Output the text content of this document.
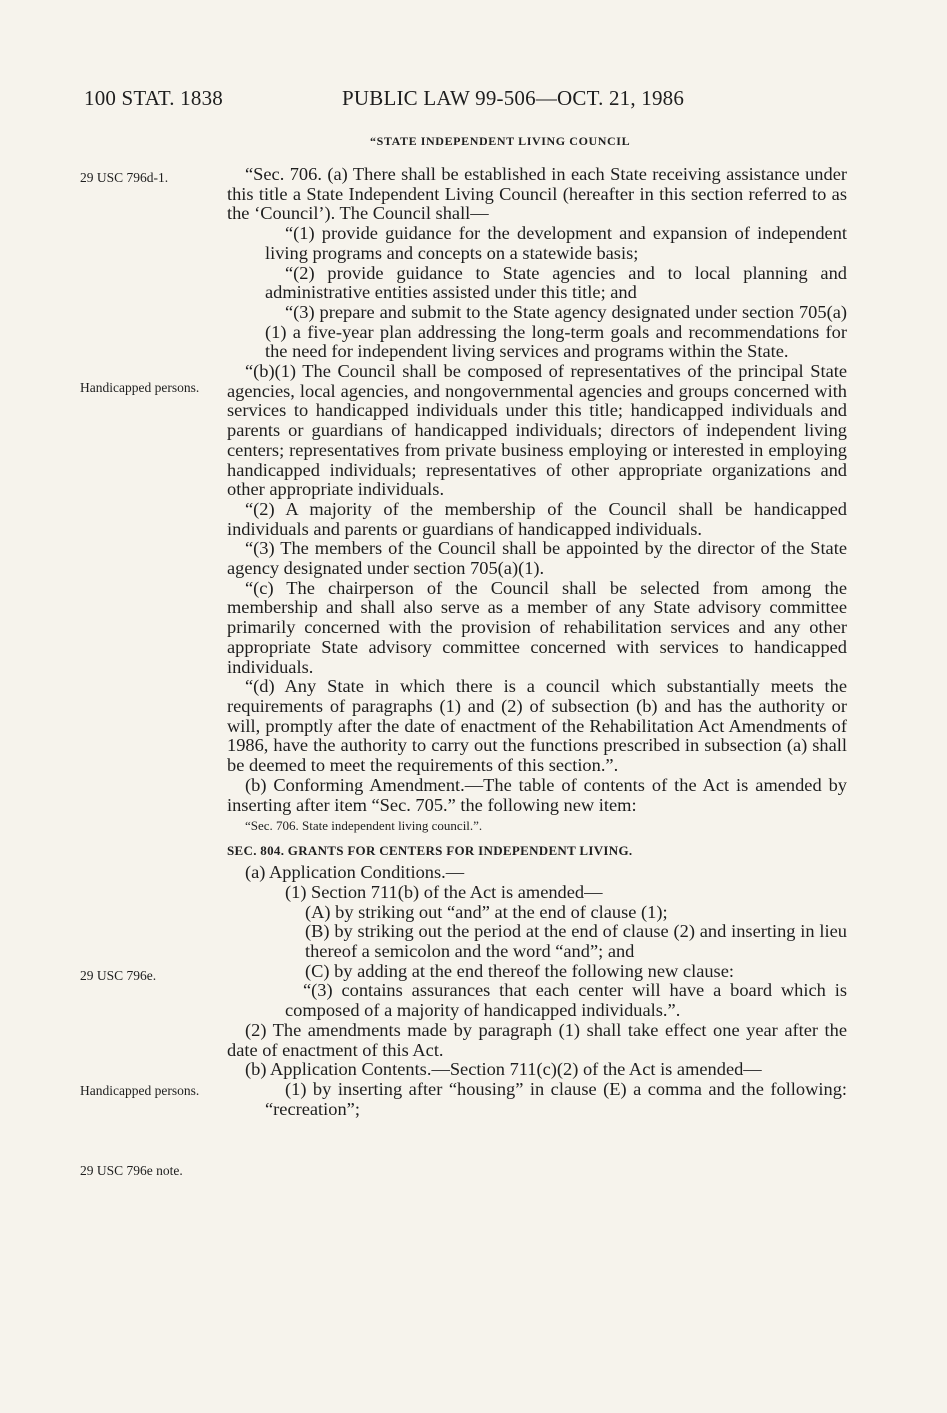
100 STAT. 1838	PUBLIC LAW 99-506—OCT. 21, 1986
“STATE INDEPENDENT LIVING COUNCIL
29 USC 796d-1.
Handicapped persons.
29 USC 796e.
Handicapped persons.
29 USC 796e note.

“Sec. 706. (a) There shall be established in each State receiving assistance under this title a State Independent Living Council (hereafter in this section referred to as the ‘Council’). The Council shall—

“(1) provide guidance for the development and expansion of independent living programs and concepts on a statewide basis;

“(2) provide guidance to State agencies and to local planning and administrative entities assisted under this title; and

“(3) prepare and submit to the State agency designated under section 705(a)(1) a five-year plan addressing the long-term goals and recommendations for the need for independent living services and programs within the State.

“(b)(1) The Council shall be composed of representatives of the principal State agencies, local agencies, and nongovernmental agencies and groups concerned with services to handicapped individuals under this title; handicapped individuals and parents or guardians of handicapped individuals; directors of independent living centers; representatives from private business employing or interested in employing handicapped individuals; representatives of other appropriate organizations and other appropriate individuals.

“(2) A majority of the membership of the Council shall be handicapped individuals and parents or guardians of handicapped individuals.

“(3) The members of the Council shall be appointed by the director of the State agency designated under section 705(a)(1).

“(c) The chairperson of the Council shall be selected from among the membership and shall also serve as a member of any State advisory committee primarily concerned with the provision of rehabilitation services and any other appropriate State advisory committee concerned with services to handicapped individuals.

“(d) Any State in which there is a council which substantially meets the requirements of paragraphs (1) and (2) of subsection (b) and has the authority or will, promptly after the date of enactment of the Rehabilitation Act Amendments of 1986, have the authority to carry out the functions prescribed in subsection (a) shall be deemed to meet the requirements of this section.”.

(b) Conforming Amendment.—The table of contents of the Act is amended by inserting after item “Sec. 705.” the following new item:

“Sec. 706. State independent living council.”.

SEC. 804. GRANTS FOR CENTERS FOR INDEPENDENT LIVING.

(a) Application Conditions.—

(1) Section 711(b) of the Act is amended—

(A) by striking out “and” at the end of clause (1);

(B) by striking out the period at the end of clause (2) and inserting in lieu thereof a semicolon and the word “and”; and

(C) by adding at the end thereof the following new clause:

“(3) contains assurances that each center will have a board which is composed of a majority of handicapped individuals.”.

(2) The amendments made by paragraph (1) shall take effect one year after the date of enactment of this Act.

(b) Application Contents.—Section 711(c)(2) of the Act is amended—

(1) by inserting after “housing” in clause (E) a comma and the following: “recreation”;
